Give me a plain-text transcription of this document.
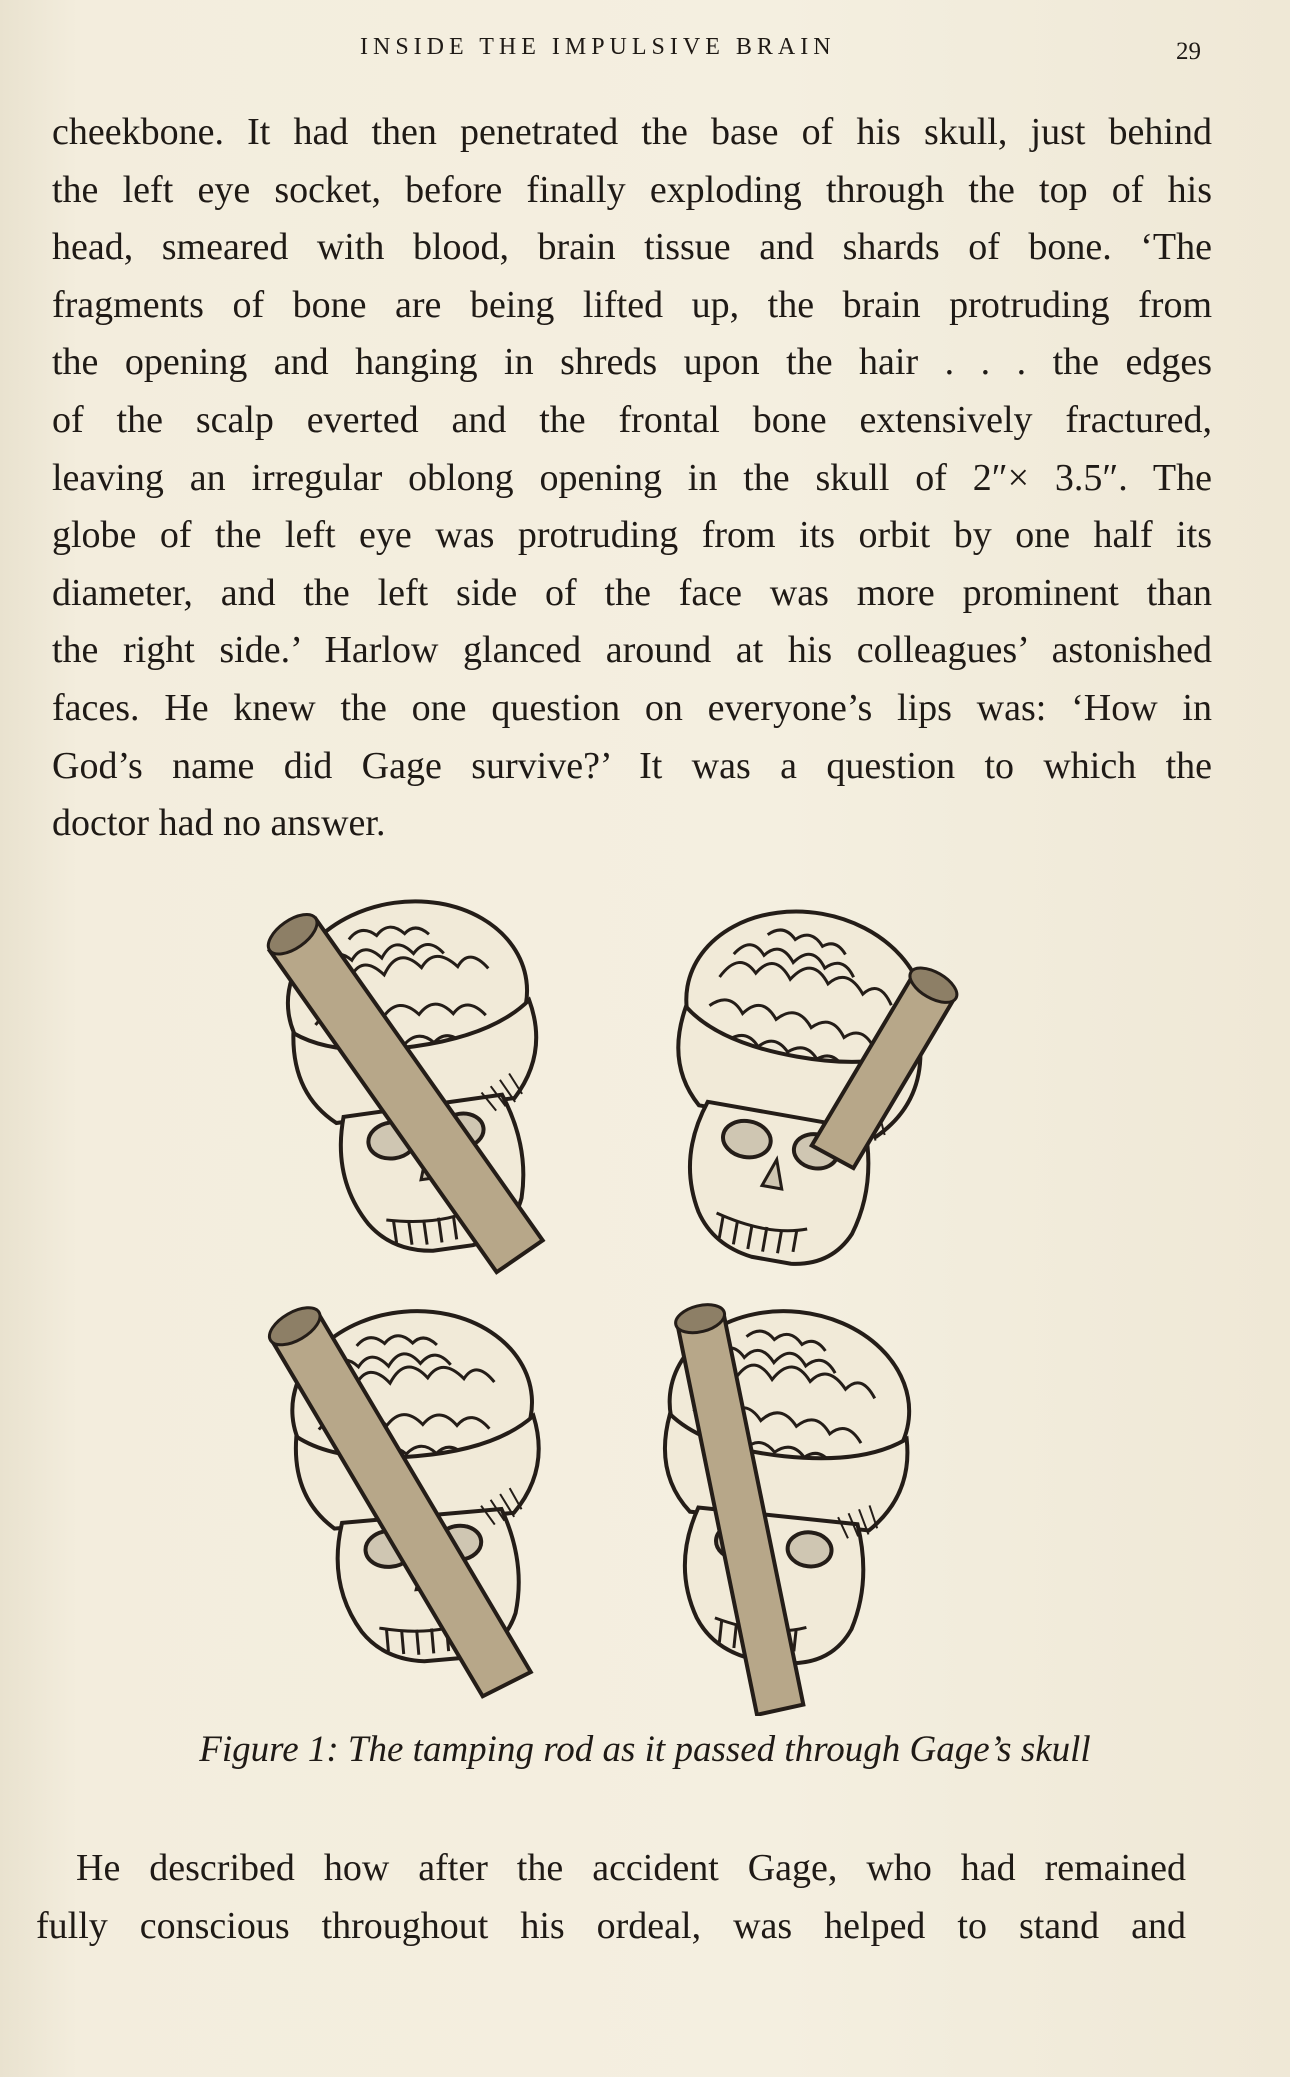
INSIDE THE IMPULSIVE BRAIN	29
cheekbone. It had then penetrated the base of his skull, just behind
the left eye socket, before finally exploding through the top of his
head, smeared with blood, brain tissue and shards of bone. ‘The
fragments of bone are being lifted up, the brain protruding from
the opening and hanging in shreds upon the hair . . . the edges
of the scalp everted and the frontal bone extensively fractured,
leaving an irregular oblong opening in the skull of 2″× 3.5″. The
globe of the left eye was protruding from its orbit by one half its
diameter, and the left side of the face was more prominent than
the right side.’ Harlow glanced around at his colleagues’ astonished
faces. He knew the one question on everyone’s lips was: ‘How in
God’s name did Gage survive?’ It was a question to which the
doctor had no answer.
Figure 1: The tamping rod as it passed through Gage’s skull
He described how after the accident Gage, who had remained
fully conscious throughout his ordeal, was helped to stand and
